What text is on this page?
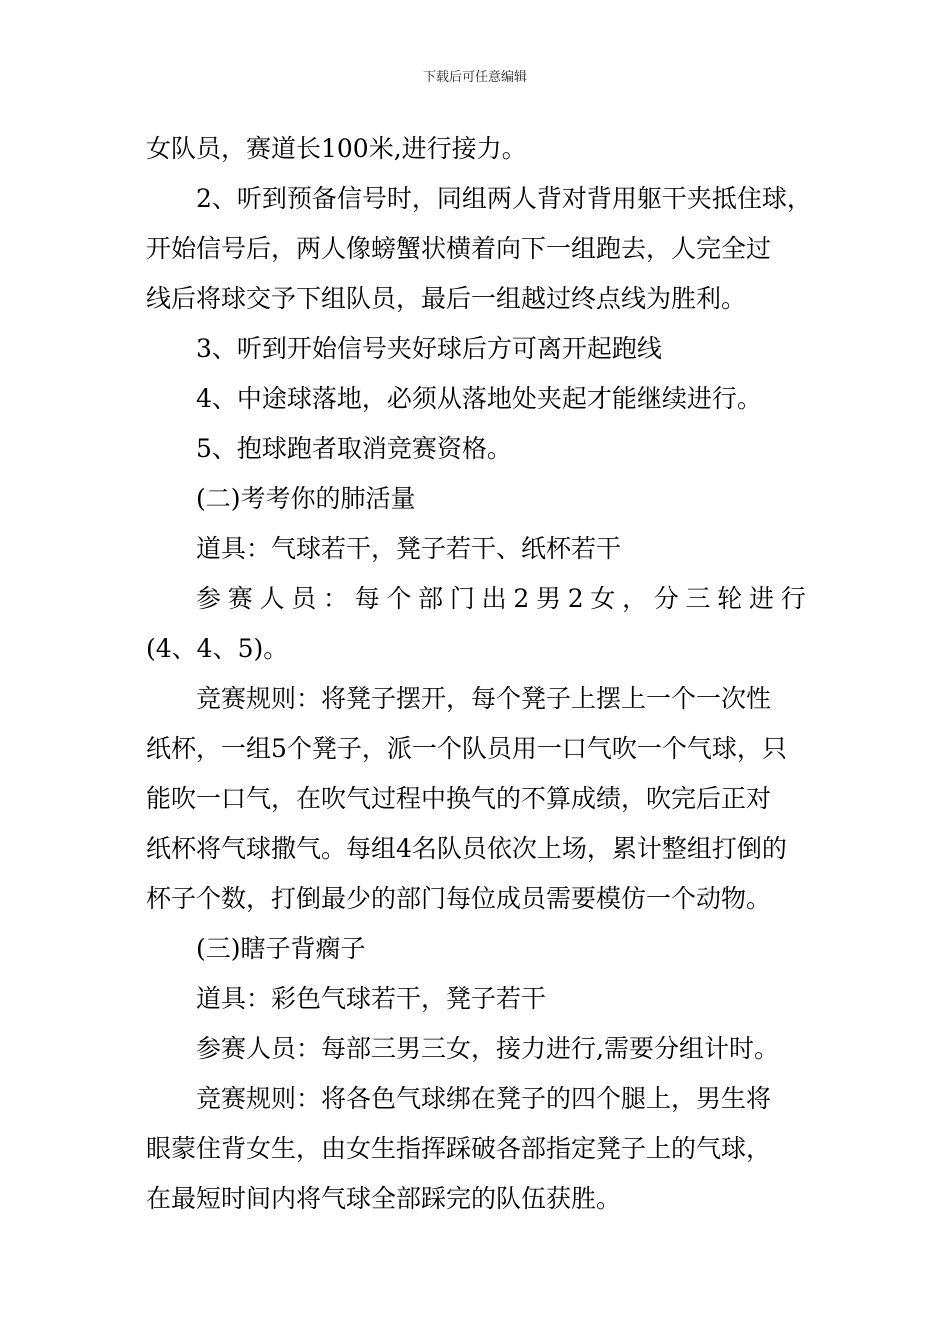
下载后可任意编辑
女队员，赛道长100米,进行接力。
2、听到预备信号时，同组两人背对背用躯干夹抵住球，
开始信号后，两人像螃蟹状横着向下一组跑去，人完全过
线后将球交予下组队员，最后一组越过终点线为胜利。
3、听到开始信号夹好球后方可离开起跑线
4、中途球落地，必须从落地处夹起才能继续进行。
5、抱球跑者取消竞赛资格。
(二)考考你的肺活量
道具：气球若干，凳子若干、纸杯若干
参 赛 人 员 ： 每 个 部 门 出 2 男 2 女 ， 分 三 轮 进 行
(4、4、5)。
竞赛规则：将凳子摆开，每个凳子上摆上一个一次性
纸杯，一组5个凳子，派一个队员用一口气吹一个气球，只
能吹一口气，在吹气过程中换气的不算成绩，吹完后正对
纸杯将气球撒气。每组4名队员依次上场，累计整组打倒的
杯子个数，打倒最少的部门每位成员需要模仿一个动物。
(三)瞎子背瘸子
道具：彩色气球若干，凳子若干
参赛人员：每部三男三女，接力进行,需要分组计时。
竞赛规则：将各色气球绑在凳子的四个腿上，男生将
眼蒙住背女生，由女生指挥踩破各部指定凳子上的气球，
在最短时间内将气球全部踩完的队伍获胜。
